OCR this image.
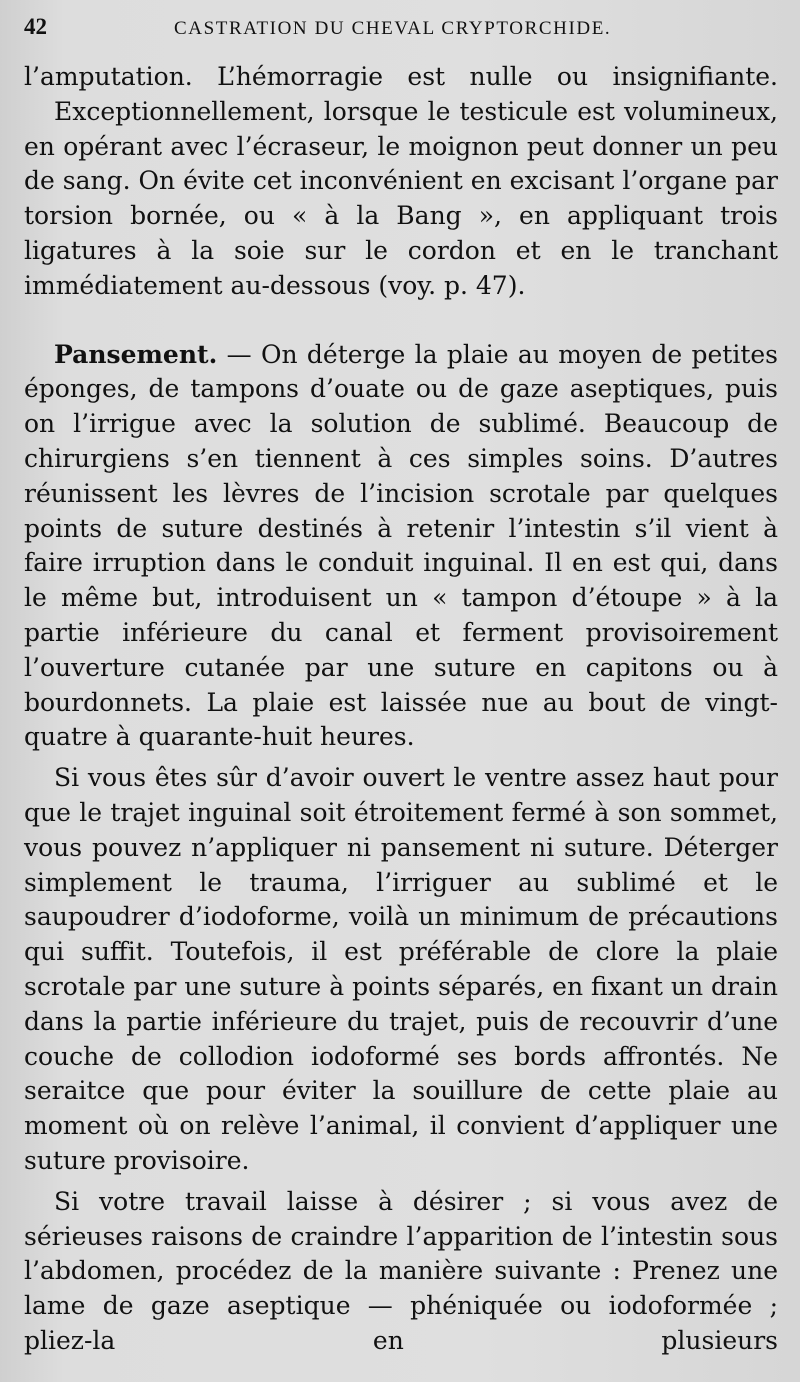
42	CASTRATION DU CHEVAL CRYPTORCHIDE.

l’amputation. L’hémorragie est nulle ou insignifiante.

Exceptionnellement, lorsque le testicule est volumineux, en opérant avec l’écraseur, le moignon peut donner un peu de sang. On évite cet inconvénient en excisant l’organe par torsion bornée, ou « à la Bang », en appliquant trois ligatures à la soie sur le cordon et en le tranchant immédiatement au-dessous (voy. p. 47).

Pansement. — On déterge la plaie au moyen de petites éponges, de tampons d’ouate ou de gaze aseptiques, puis on l’irrigue avec la solution de sublimé. Beaucoup de chirurgiens s’en tiennent à ces simples soins. D’autres réunissent les lèvres de l’incision scrotale par quelques points de suture destinés à retenir l’intestin s’il vient à faire irruption dans le conduit inguinal. Il en est qui, dans le même but, introduisent un « tampon d’étoupe » à la partie inférieure du canal et ferment provisoirement l’ouverture cutanée par une suture en capitons ou à bourdonnets. La plaie est laissée nue au bout de vingt-quatre à quarante-huit heures.

Si vous êtes sûr d’avoir ouvert le ventre assez haut pour que le trajet inguinal soit étroitement fermé à son sommet, vous pouvez n’appliquer ni pansement ni suture. Déterger simplement le trauma, l’irriguer au sublimé et le saupoudrer d’iodoforme, voilà un minimum de précautions qui suffit. Toutefois, il est préférable de clore la plaie scrotale par une suture à points séparés, en fixant un drain dans la partie inférieure du trajet, puis de recouvrir d’une couche de collodion iodoformé ses bords affrontés. Ne seraitce que pour éviter la souillure de cette plaie au moment où on relève l’animal, il convient d’appliquer une suture provisoire.

Si votre travail laisse à désirer ; si vous avez de sérieuses raisons de craindre l’apparition de l’intestin sous l’abdomen, procédez de la manière suivante : Prenez une lame de gaze aseptique — phéniquée ou iodoformée ; pliez-la en plusieurs
